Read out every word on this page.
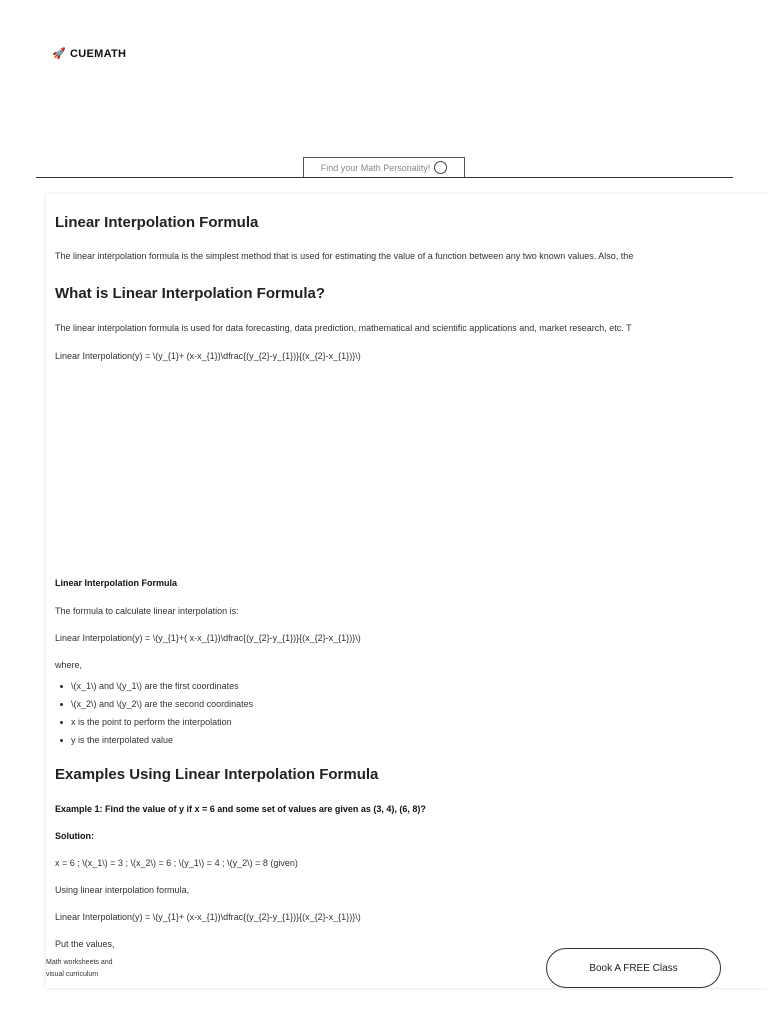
🚀 CUEMATH
Find your Math Personality!
Linear Interpolation Formula

The linear interpolation formula is the simplest method that is used for estimating the value of a function between any two known values. Also, the

What is Linear Interpolation Formula?

The linear interpolation formula is used for data forecasting, data prediction, mathematical and scientific applications and, market research, etc. T

Linear Interpolation(y) = \(y_{1}+ (x-x_{1})\dfrac{(y_{2}-y_{1})}{(x_{2}-x_{1})}\)

Linear Interpolation Formula

The formula to calculate linear interpolation is:

Linear Interpolation(y) = \(y_{1}+( x-x_{1})\dfrac{(y_{2}-y_{1})}{(x_{2}-x_{1})}\)

where,

\(x_1\) and \(y_1\) are the first coordinates
\(x_2\) and \(y_2\) are the second coordinates
x is the point to perform the interpolation
y is the interpolated value
Examples Using Linear Interpolation Formula

Example 1: Find the value of y if x = 6 and some set of values are given as (3, 4), (6, 8)?

Solution:

x = 6 ; \(x_1\) = 3 ; \(x_2\) = 6 ; \(y_1\) = 4 ; \(y_2\) = 8 (given)

Using linear interpolation formula,

Linear Interpolation(y) = \(y_{1}+ (x-x_{1})\dfrac{(y_{2}-y_{1})}{(x_{2}-x_{1})}\)

Put the values,

Math worksheets and
visual curriculum
Book A FREE Class
